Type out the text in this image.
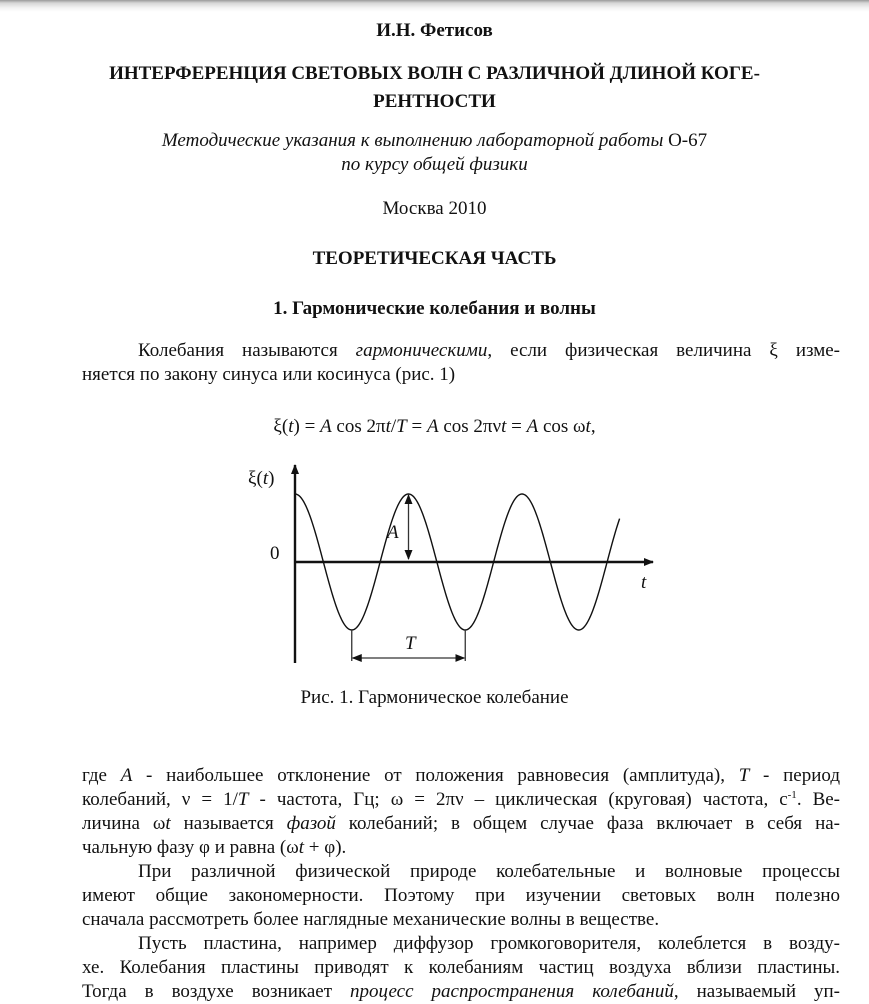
И.Н. Фетисов
ИНТЕРФЕРЕНЦИЯ СВЕТОВЫХ ВОЛН С РАЗЛИЧНОЙ ДЛИНОЙ КОГЕ-
РЕНТНОСТИ
Методические указания к выполнению лабораторной работы О-67
по курсу общей физики
Москва 2010
ТЕОРЕТИЧЕСКАЯ ЧАСТЬ
1. Гармонические колебания и волны
Колебания называются гармоническими, если физическая величина ξ изме-
няется по закону синуса или косинуса (рис. 1)
ξ(t) = A cos 2πt/T = A cos 2πνt = A cos ωt,
ξ(t)
0
t
A
T
Рис. 1. Гармоническое колебание
где A - наибольшее отклонение от положения равновесия (амплитуда), T - период
колебаний, ν = 1/T - частота, Гц; ω = 2πν – циклическая (круговая) частота, $с^{-1}$. Ве-
личина ωt называется фазой колебаний; в общем случае фаза включает в себя на-
чальную фазу φ и равна (ωt + φ).
При различной физической природе колебательные и волновые процессы
имеют общие закономерности. Поэтому при изучении световых волн полезно
сначала рассмотреть более наглядные механические волны в веществе.
Пусть пластина, например диффузор громкоговорителя, колеблется в возду-
хе. Колебания пластины приводят к колебаниям частиц воздуха вблизи пластины.
Тогда в воздухе возникает процесс распространения колебаний, называемый уп-
